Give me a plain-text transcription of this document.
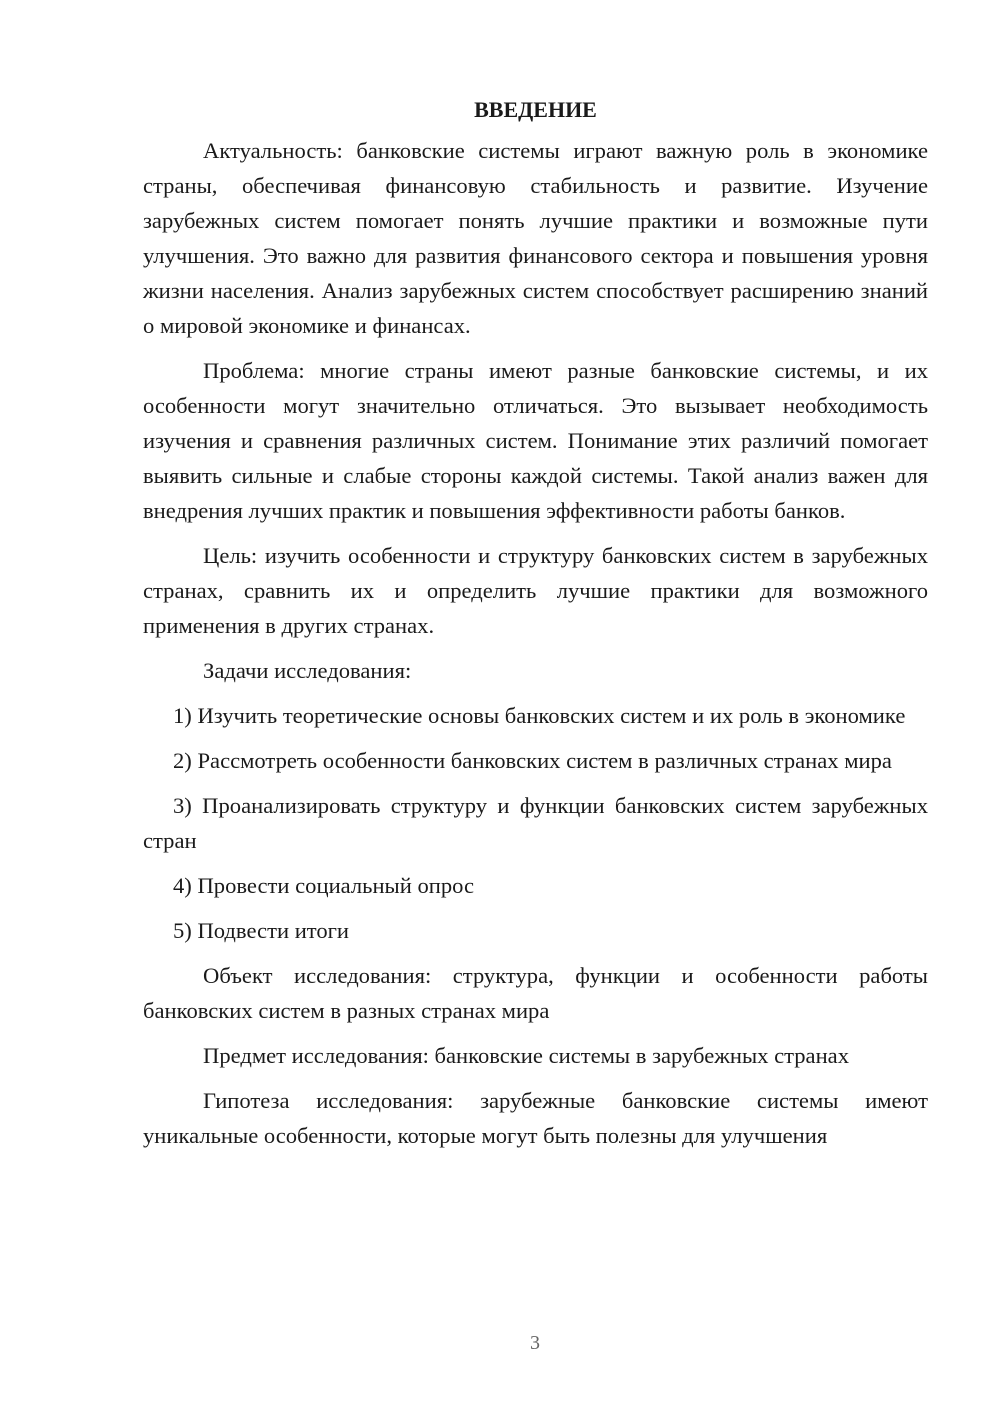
ВВЕДЕНИЕ

Актуальность: банковские системы играют важную роль в экономике страны, обеспечивая финансовую стабильность и развитие. Изучение зарубежных систем помогает понять лучшие практики и возможные пути улучшения. Это важно для развития финансового сектора и повышения уровня жизни населения. Анализ зарубежных систем способствует расширению знаний о мировой экономике и финансах.

Проблема: многие страны имеют разные банковские системы, и их особенности могут значительно отличаться. Это вызывает необходимость изучения и сравнения различных систем. Понимание этих различий помогает выявить сильные и слабые стороны каждой системы. Такой анализ важен для внедрения лучших практик и повышения эффективности работы банков.

Цель: изучить особенности и структуру банковских систем в зарубежных странах, сравнить их и определить лучшие практики для возможного применения в других странах.

Задачи исследования:

1) Изучить теоретические основы банковских систем и их роль в экономике

2) Рассмотреть особенности банковских систем в различных странах мира

3) Проанализировать структуру и функции банковских систем зарубежных стран

4) Провести социальный опрос

5) Подвести итоги

Объект исследования: структура, функции и особенности работы банковских систем в разных странах мира

Предмет исследования: банковские системы в зарубежных странах

Гипотеза исследования: зарубежные банковские системы имеют уникальные особенности, которые могут быть полезны для улучшения

3
